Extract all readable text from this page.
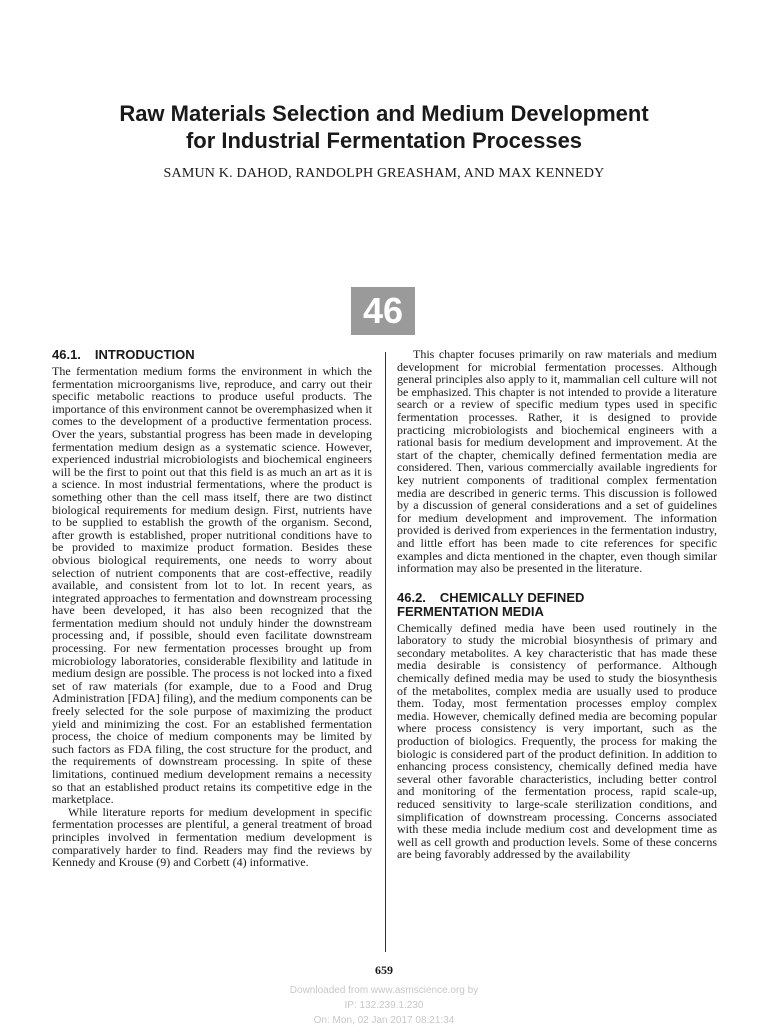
Raw Materials Selection and Medium Development
for Industrial Fermentation Processes
SAMUN K. DAHOD, RANDOLPH GREASHAM, AND MAX KENNEDY
46
46.1. INTRODUCTION

The fermentation medium forms the environment in which the fermentation microorganisms live, reproduce, and carry out their specific metabolic reactions to produce useful products. The importance of this environment cannot be overemphasized when it comes to the development of a productive fermentation process. Over the years, substantial progress has been made in developing fermentation medium design as a systematic science. However, experienced industrial microbiologists and biochemical engineers will be the first to point out that this field is as much an art as it is a science. In most industrial fermentations, where the product is something other than the cell mass itself, there are two distinct biological requirements for medium design. First, nutrients have to be supplied to establish the growth of the organism. Second, after growth is established, proper nutritional conditions have to be provided to maximize product formation. Besides these obvious biological requirements, one needs to worry about selection of nutrient components that are cost-effective, readily available, and consistent from lot to lot. In recent years, as integrated approaches to fermentation and downstream processing have been developed, it has also been recognized that the fermentation medium should not unduly hinder the downstream processing and, if possible, should even facilitate downstream processing. For new fermentation processes brought up from microbiology laboratories, considerable flexibility and latitude in medium design are possible. The process is not locked into a fixed set of raw materials (for example, due to a Food and Drug Administration [FDA] filing), and the medium components can be freely selected for the sole purpose of maximizing the product yield and minimizing the cost. For an established fermentation process, the choice of medium components may be limited by such factors as FDA filing, the cost structure for the product, and the requirements of downstream processing. In spite of these limitations, continued medium development remains a necessity so that an established product retains its competitive edge in the marketplace.

While literature reports for medium development in specific fermentation processes are plentiful, a general treatment of broad principles involved in fermentation medium development is comparatively harder to find. Readers may find the reviews by Kennedy and Krouse (9) and Corbett (4) informative.

This chapter focuses primarily on raw materials and medium development for microbial fermentation processes. Although general principles also apply to it, mammalian cell culture will not be emphasized. This chapter is not intended to provide a literature search or a review of specific medium types used in specific fermentation processes. Rather, it is designed to provide practicing microbiologists and biochemical engineers with a rational basis for medium development and improvement. At the start of the chapter, chemically defined fermentation media are considered. Then, various commercially available ingredients for key nutrient components of traditional complex fermentation media are described in generic terms. This discussion is followed by a discussion of general considerations and a set of guidelines for medium development and improvement. The information provided is derived from experiences in the fermentation industry, and little effort has been made to cite references for specific examples and dicta mentioned in the chapter, even though similar information may also be presented in the literature.

46.2. CHEMICALLY DEFINED
FERMENTATION MEDIA

Chemically defined media have been used routinely in the laboratory to study the microbial biosynthesis of primary and secondary metabolites. A key characteristic that has made these media desirable is consistency of performance. Although chemically defined media may be used to study the biosynthesis of the metabolites, complex media are usually used to produce them. Today, most fermentation processes employ complex media. However, chemically defined media are becoming popular where process consistency is very important, such as the production of biologics. Frequently, the process for making the biologic is considered part of the product definition. In addition to enhancing process consistency, chemically defined media have several other favorable characteristics, including better control and monitoring of the fermentation process, rapid scale-up, reduced sensitivity to large-scale sterilization conditions, and simplification of downstream processing. Concerns associated with these media include medium cost and development time as well as cell growth and production levels. Some of these concerns are being favorably addressed by the availability

659
Downloaded from www.asmscience.org by
IP: 132.239.1.230
On: Mon, 02 Jan 2017 08:21:34
